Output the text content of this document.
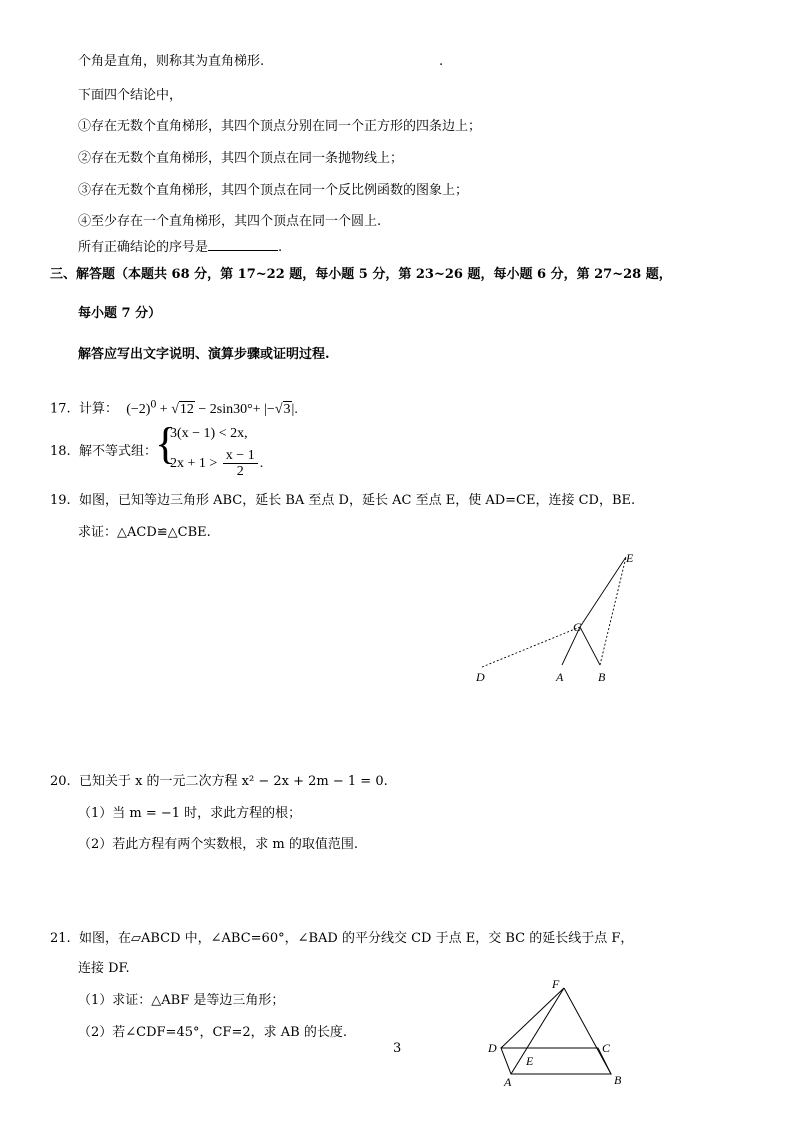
个角是直角，则称其为直角梯形.	.
下面四个结论中，
①存在无数个直角梯形，其四个顶点分别在同一个正方形的四条边上；
②存在无数个直角梯形，其四个顶点在同一条抛物线上；
③存在无数个直角梯形，其四个顶点在同一个反比例函数的图象上；
④至少存在一个直角梯形，其四个顶点在同一个圆上.
所有正确结论的序号是	.
三、解答题（本题共 68 分，第 17~22 题，每小题 5 分，第 23~26 题，每小题 6 分，第 27~28 题，
每小题 7 分）
解答应写出文字说明、演算步骤或证明过程.
17. 计算： $(-2)^0 + √12 - 2\sin 30^\circ+ |-√3|$.
18. 解不等式组：
{
3(x − 1) < 2x,
$2x + 1 > \frac{x - 1}{2}$ .
19. 如图，已知等边三角形 ABC，延长 BA 至点 D，延长 AC 至点 E，使 AD=CE，连接 CD，BE.
求证：△ACD≌△CBE.
E
C
D	A	B
20. 已知关于 x 的一元二次方程 x² − 2x + 2m − 1 = 0.
（1）当 m = −1 时，求此方程的根；
（2）若此方程有两个实数根，求 m 的取值范围.
21. 如图，在▱ABCD 中，∠ABC=60°，∠BAD 的平分线交 CD 于点 E，交 BC 的延长线于点 F，
连接 DF.
（1）求证：△ABF 是等边三角形；
（2）若∠CDF=45°，CF=2，求 AB 的长度.
F
D
E
C
A	B
3
